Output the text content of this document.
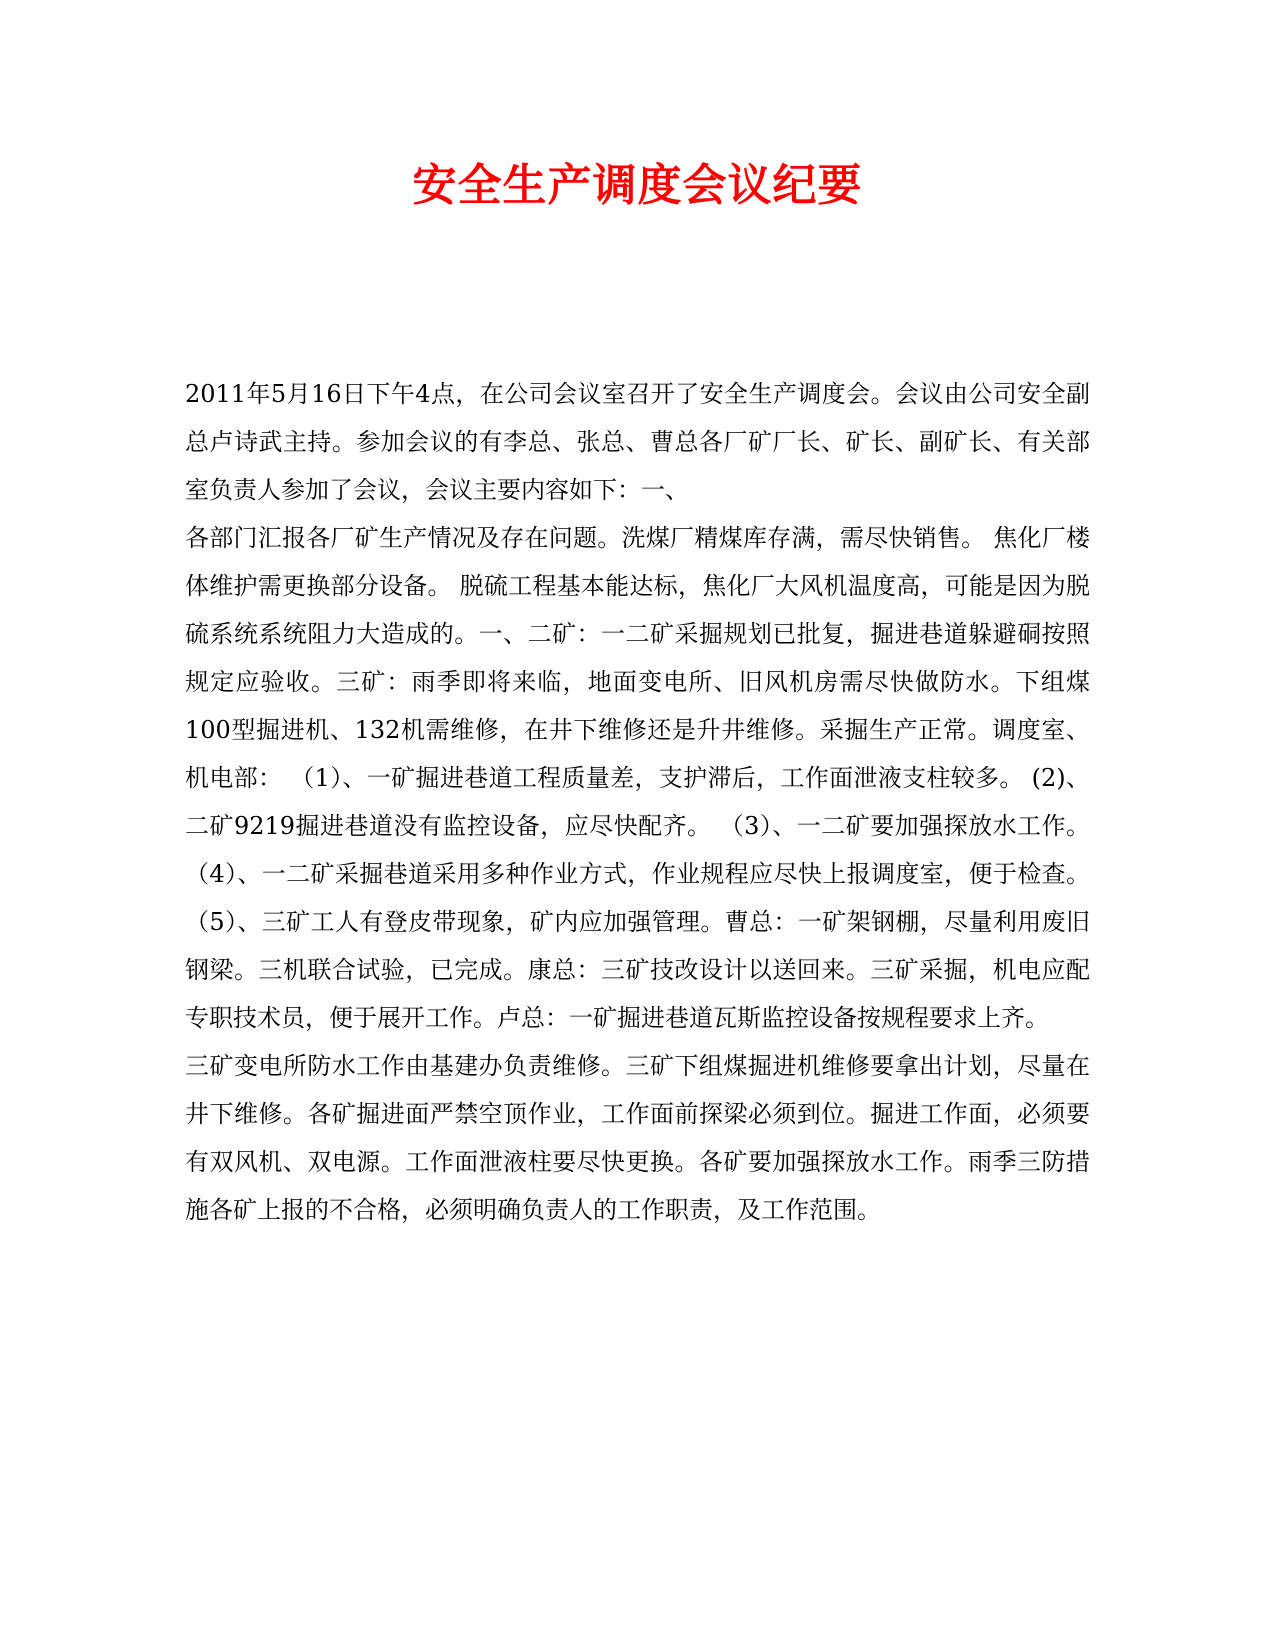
安全生产调度会议纪要

2011年5月16日下午4点，在公司会议室召开了安全生产调度会。会议由公司安全副总卢诗武主持。参加会议的有李总、张总、曹总各厂矿厂长、矿长、副矿长、有关部室负责人参加了会议，会议主要内容如下：一、

各部门汇报各厂矿生产情况及存在问题。洗煤厂精煤库存满，需尽快销售。 焦化厂楼体维护需更换部分设备。 脱硫工程基本能达标，焦化厂大风机温度高，可能是因为脱硫系统系统阻力大造成的。一、二矿：一二矿采掘规划已批复，掘进巷道躲避硐按照规定应验收。三矿：雨季即将来临，地面变电所、旧风机房需尽快做防水。下组煤100型掘进机、132机需维修，在井下维修还是升井维修。采掘生产正常。调度室、机电部： （1）、一矿掘进巷道工程质量差，支护滞后，工作面泄液支柱较多。 (2)、二矿9219掘进巷道没有监控设备，应尽快配齐。 （3）、一二矿要加强探放水工作。（4）、一二矿采掘巷道采用多种作业方式，作业规程应尽快上报调度室，便于检查。（5）、三矿工人有登皮带现象，矿内应加强管理。曹总：一矿架钢棚，尽量利用废旧钢梁。三机联合试验，已完成。康总：三矿技改设计以送回来。三矿采掘，机电应配专职技术员，便于展开工作。卢总：一矿掘进巷道瓦斯监控设备按规程要求上齐。

三矿变电所防水工作由基建办负责维修。三矿下组煤掘进机维修要拿出计划，尽量在井下维修。各矿掘进面严禁空顶作业，工作面前探梁必须到位。掘进工作面，必须要有双风机、双电源。工作面泄液柱要尽快更换。各矿要加强探放水工作。雨季三防措施各矿上报的不合格，必须明确负责人的工作职责，及工作范围。
